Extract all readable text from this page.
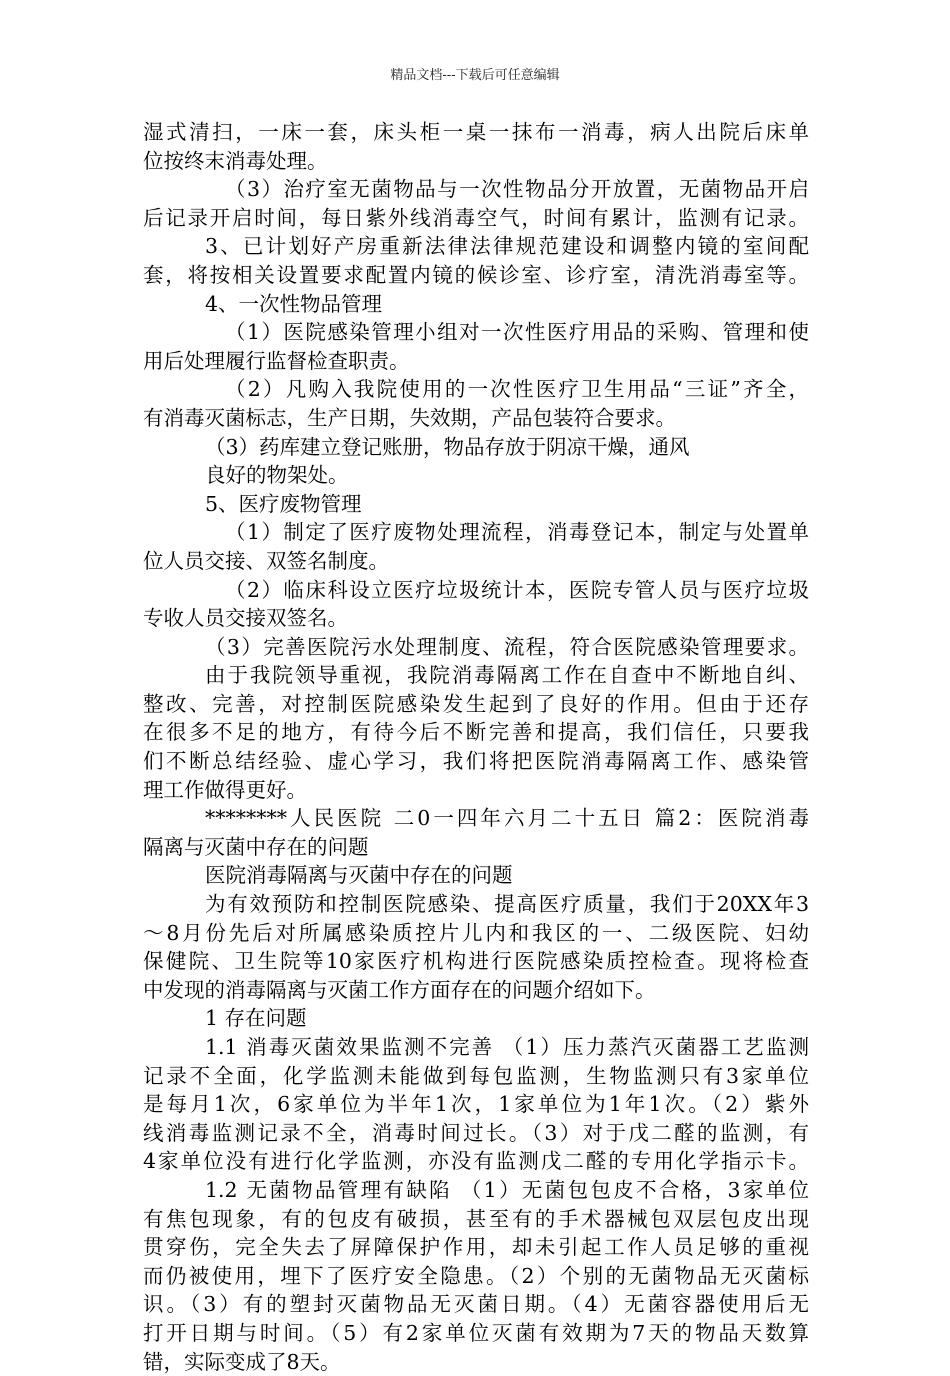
精品文档---下载后可任意编辑
湿式清扫，一床一套，床头柜一桌一抹布一消毒，病人出院后床单
位按终末消毒处理。
（3）治疗室无菌物品与一次性物品分开放置，无菌物品开启
后记录开启时间，每日紫外线消毒空气，时间有累计，监测有记录。
3、已计划好产房重新法律法律规范建设和调整内镜的室间配
套，将按相关设置要求配置内镜的候诊室、诊疗室，清洗消毒室等。
4、一次性物品管理
（1）医院感染管理小组对一次性医疗用品的采购、管理和使
用后处理履行监督检查职责。
（2）凡购入我院使用的一次性医疗卫生用品“三证”齐全，
有消毒灭菌标志，生产日期，失效期，产品包装符合要求。
（3）药库建立登记账册，物品存放于阴凉干燥，通风
良好的物架处。
5、医疗废物管理
（1）制定了医疗废物处理流程，消毒登记本，制定与处置单
位人员交接、双签名制度。
（2）临床科设立医疗垃圾统计本，医院专管人员与医疗垃圾
专收人员交接双签名。
（3）完善医院污水处理制度、流程，符合医院感染管理要求。
由于我院领导重视，我院消毒隔离工作在自查中不断地自纠、
整改、完善，对控制医院感染发生起到了良好的作用。但由于还存
在很多不足的地方，有待今后不断完善和提高，我们信任，只要我
们不断总结经验、虚心学习，我们将把医院消毒隔离工作、感染管
理工作做得更好。
********人民医院 二0一四年六月二十五日 篇2：医院消毒
隔离与灭菌中存在的问题
医院消毒隔离与灭菌中存在的问题
为有效预防和控制医院感染、提高医疗质量，我们于20XX年3
～8月份先后对所属感染质控片儿内和我区的一、二级医院、妇幼
保健院、卫生院等10家医疗机构进行医院感染质控检查。现将检查
中发现的消毒隔离与灭菌工作方面存在的问题介绍如下。
1 存在问题
1.1 消毒灭菌效果监测不完善 （1）压力蒸汽灭菌器工艺监测
记录不全面，化学监测未能做到每包监测，生物监测只有3家单位
是每月1次，6家单位为半年1次，1家单位为1年1次。（2）紫外
线消毒监测记录不全，消毒时间过长。（3）对于戊二醛的监测，有
4家单位没有进行化学监测，亦没有监测戊二醛的专用化学指示卡。
1.2 无菌物品管理有缺陷 （1）无菌包包皮不合格，3家单位
有焦包现象，有的包皮有破损，甚至有的手术器械包双层包皮出现
贯穿伤，完全失去了屏障保护作用，却未引起工作人员足够的重视
而仍被使用，埋下了医疗安全隐患。（2）个别的无菌物品无灭菌标
识。（3）有的塑封灭菌物品无灭菌日期。（4）无菌容器使用后无
打开日期与时间。（5）有2家单位灭菌有效期为7天的物品天数算
错，实际变成了8天。
